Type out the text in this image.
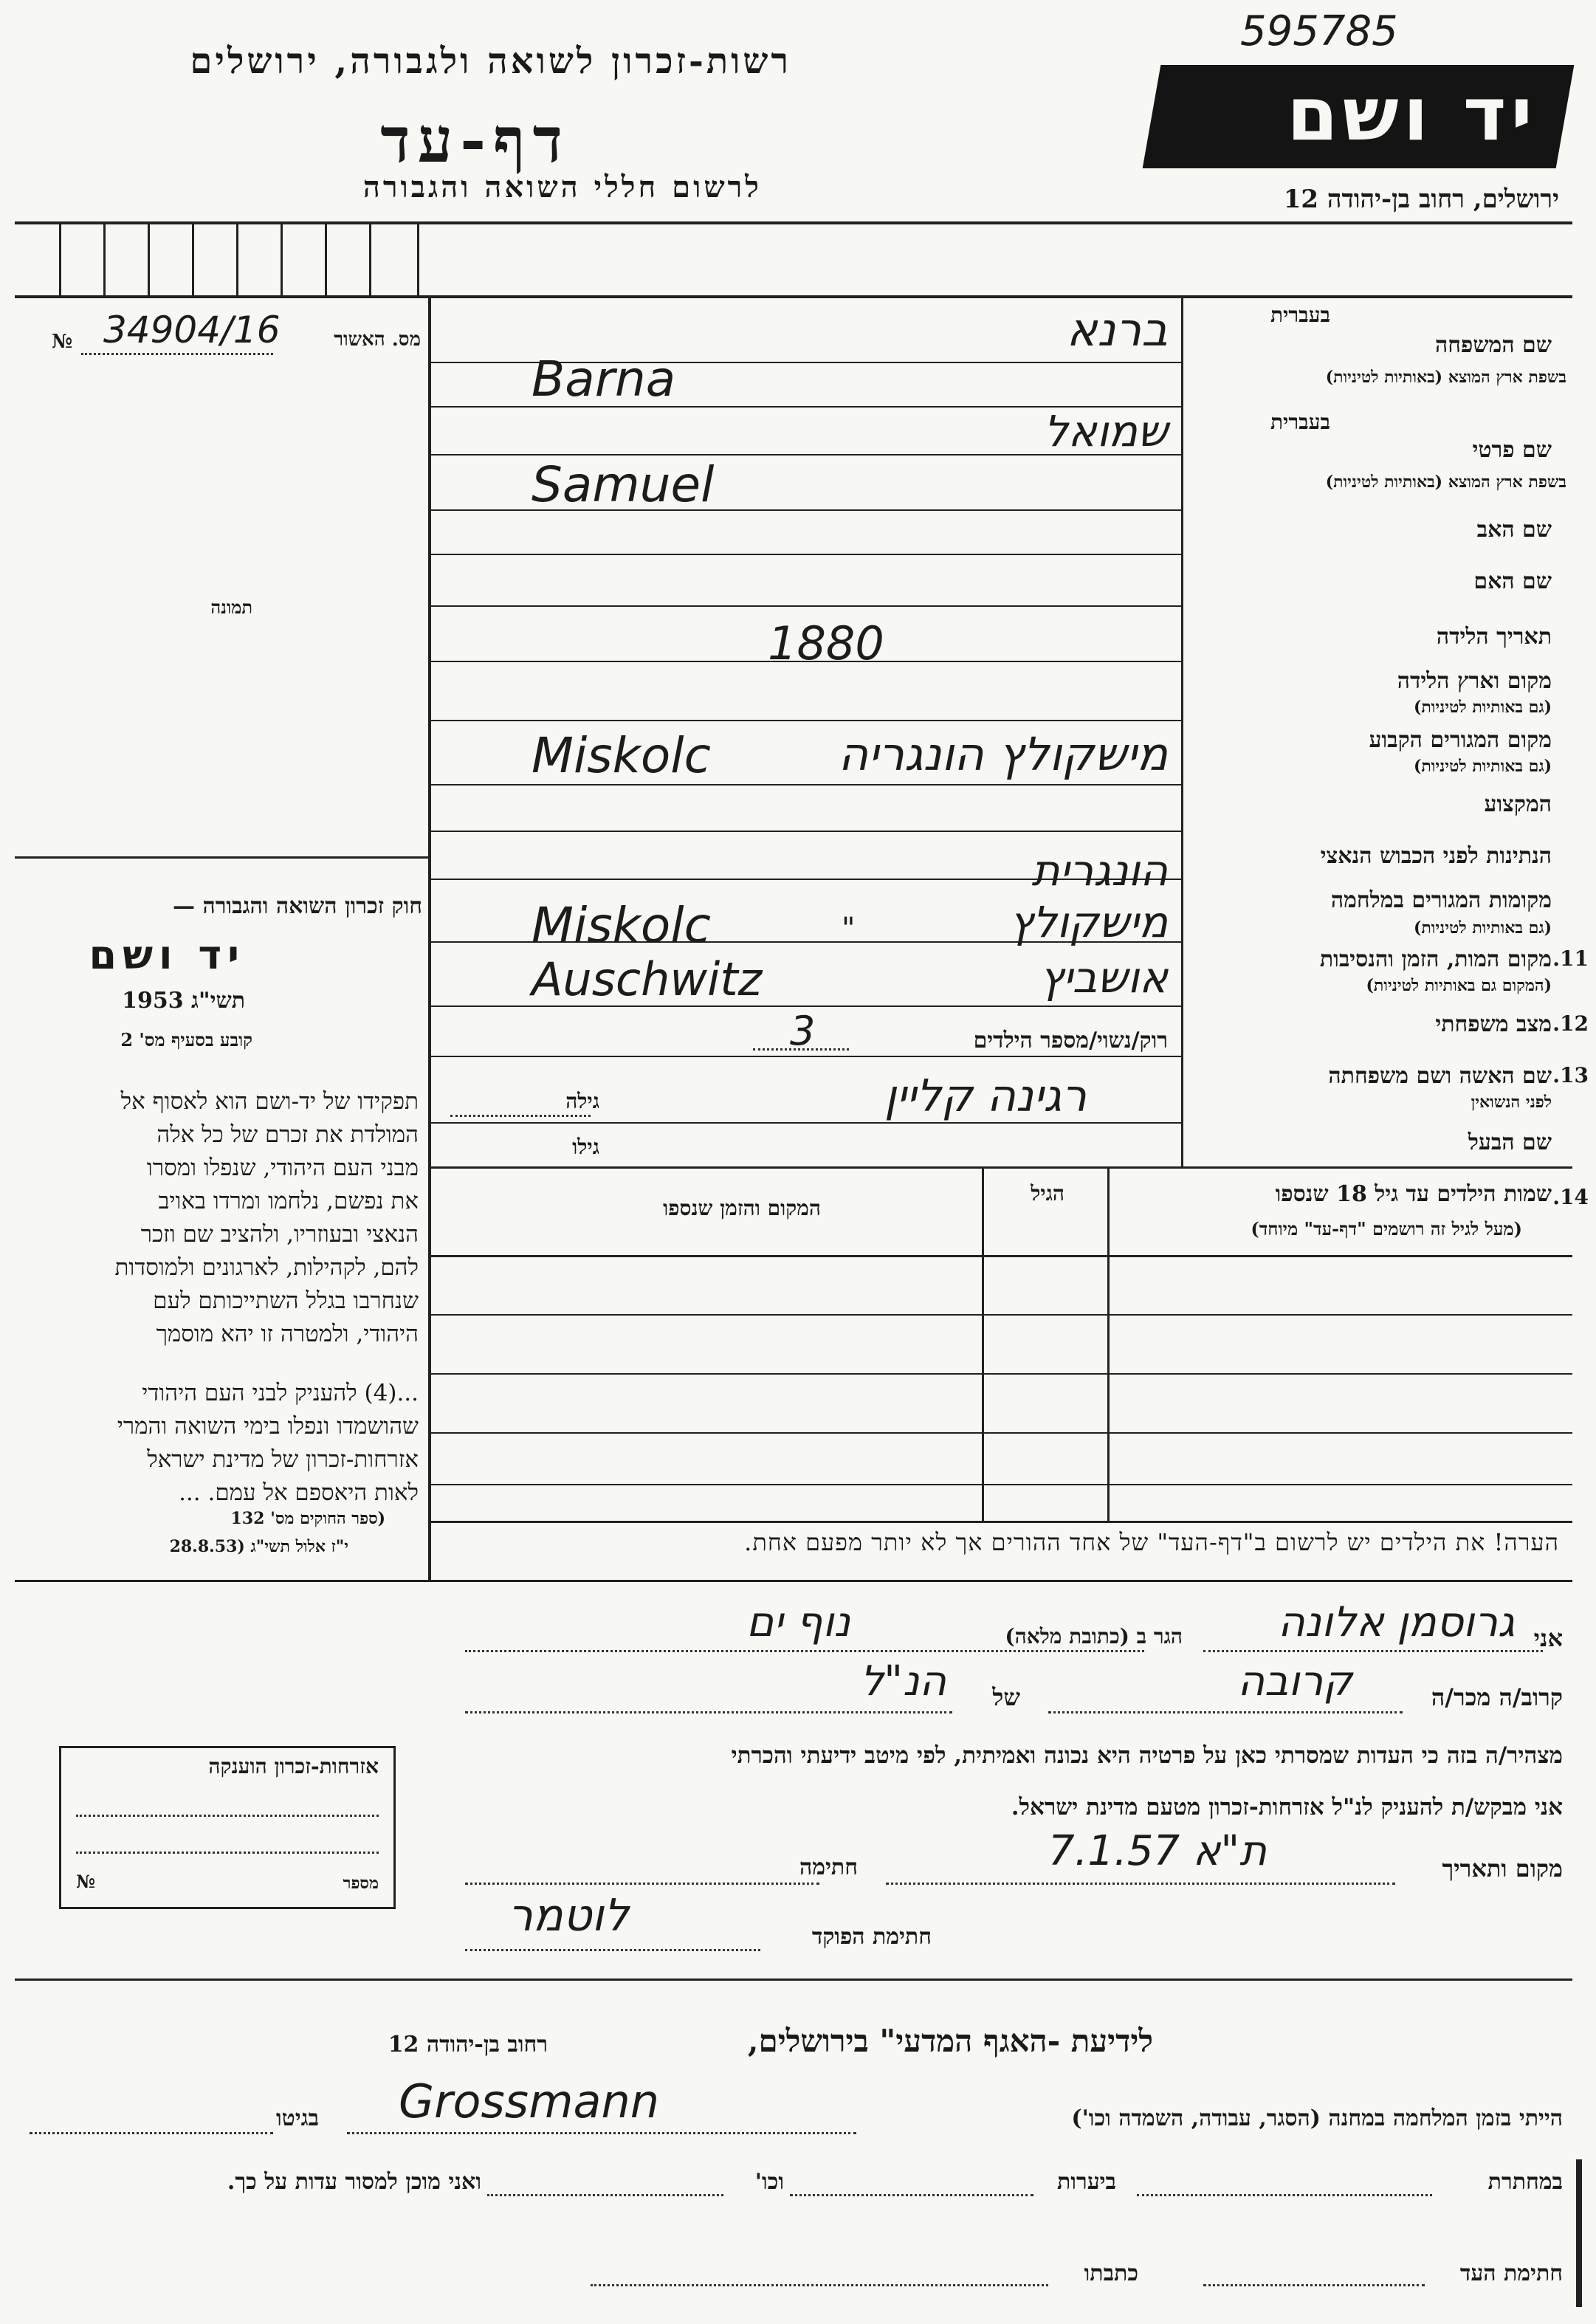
595785
רשות-זכרון לשואה ולגבורה, ירושלים
דף-עד
לרשום חללי השואה והגבורה
יד ושם
ירושלים, רחוב בן-יהודה 12
№ 34904/16	מס. האשור
תמונה
חוק זכרון השואה והגבורה —
יד ושם
תשי"ג 1953
קובע בסעיף מס' 2
תפקידו של יד-ושם הוא לאסוף אל
המולדת את זכרם של כל אלה
מבני העם היהודי, שנפלו ומסרו
את נפשם, נלחמו ומרדו באויב
הנאצי ובעוזריו, ולהציב שם וזכר
להם, לקהילות, לארגונים ולמוסדות
שנחרבו בגלל השתייכותם לעם
היהודי, ולמטרה זו יהא מוסמך
...(4) להעניק לבני העם היהודי
שהושמדו ונפלו בימי השואה והמרי
אזרחות-זכרון של מדינת ישראל
לאות היאספם אל עמם. ...
(ספר החוקים מס' 132
י"ז אלול תשי"ג (28.8.53
בעברית
שם המשפחה
בשפת ארץ המוצא (באותיות לטיניות)
בעברית
שם פרטי
בשפת ארץ המוצא (באותיות לטיניות)
שם האב
שם האם
תאריך הלידה
מקום וארץ הלידה
(גם באותיות לטיניות)
מקום המגורים הקבוע
(גם באותיות לטיניות)
המקצוע
הנתינות לפני הכבוש הנאצי
מקומות המגורים במלחמה
(גם באותיות לטיניות)
11.
מקום המות, הזמן והנסיבות
(המקום גם באותיות לטיניות)
12.
מצב משפחתי
13.
שם האשה ושם משפחתה
לפני הנשואין
שם הבעל
ברנא
Barna
שמואל
Samuel
1880
מישקולץ הונגריה
Miskolc
הונגרית
מישקולץ
"
Miskolc
אושביץ
Auschwitz
רוק/נשוי/מספר הילדים
3
רגינה קליין
גילה
גילו
14.
שמות הילדים עד גיל 18 שנספו
(מעל לגיל זה רושמים "דף-עד" מיוחד)
הגיל
המקום והזמן שנספו
הערה! את הילדים יש לרשום ב"דף-העד" של אחד ההורים אך לא יותר מפעם אחת.
אני
גרוסמן אלונה
הגר ב (כתובת מלאה)
נוף ים
קרוב/ה מכר/ה
קרובה
של
הנ"ל
מצהיר/ה בזה כי העדות שמסרתי כאן על פרטיה היא נכונה ואמיתית, לפי מיטב ידיעתי והכרתי
אני מבקש/ת להעניק לנ"ל אזרחות-זכרון מטעם מדינת ישראל.
מקום ותאריך
7.1.57 ת"א
חתימה
חתימת הפוקד
לוטמר
אזרחות-זכרון הוענקה
מספר
№
לידיעת -האגף המדעי" בירושלים,
רחוב בן-יהודה 12
הייתי בזמן המלחמה במחנה (הסגר, עבודה, השמדה וכו')
Grossmann
בגיטו
במחתרת
ביערות
וכו'
ואני מוכן למסור עדות על כך.
חתימת העד
כתבתו
